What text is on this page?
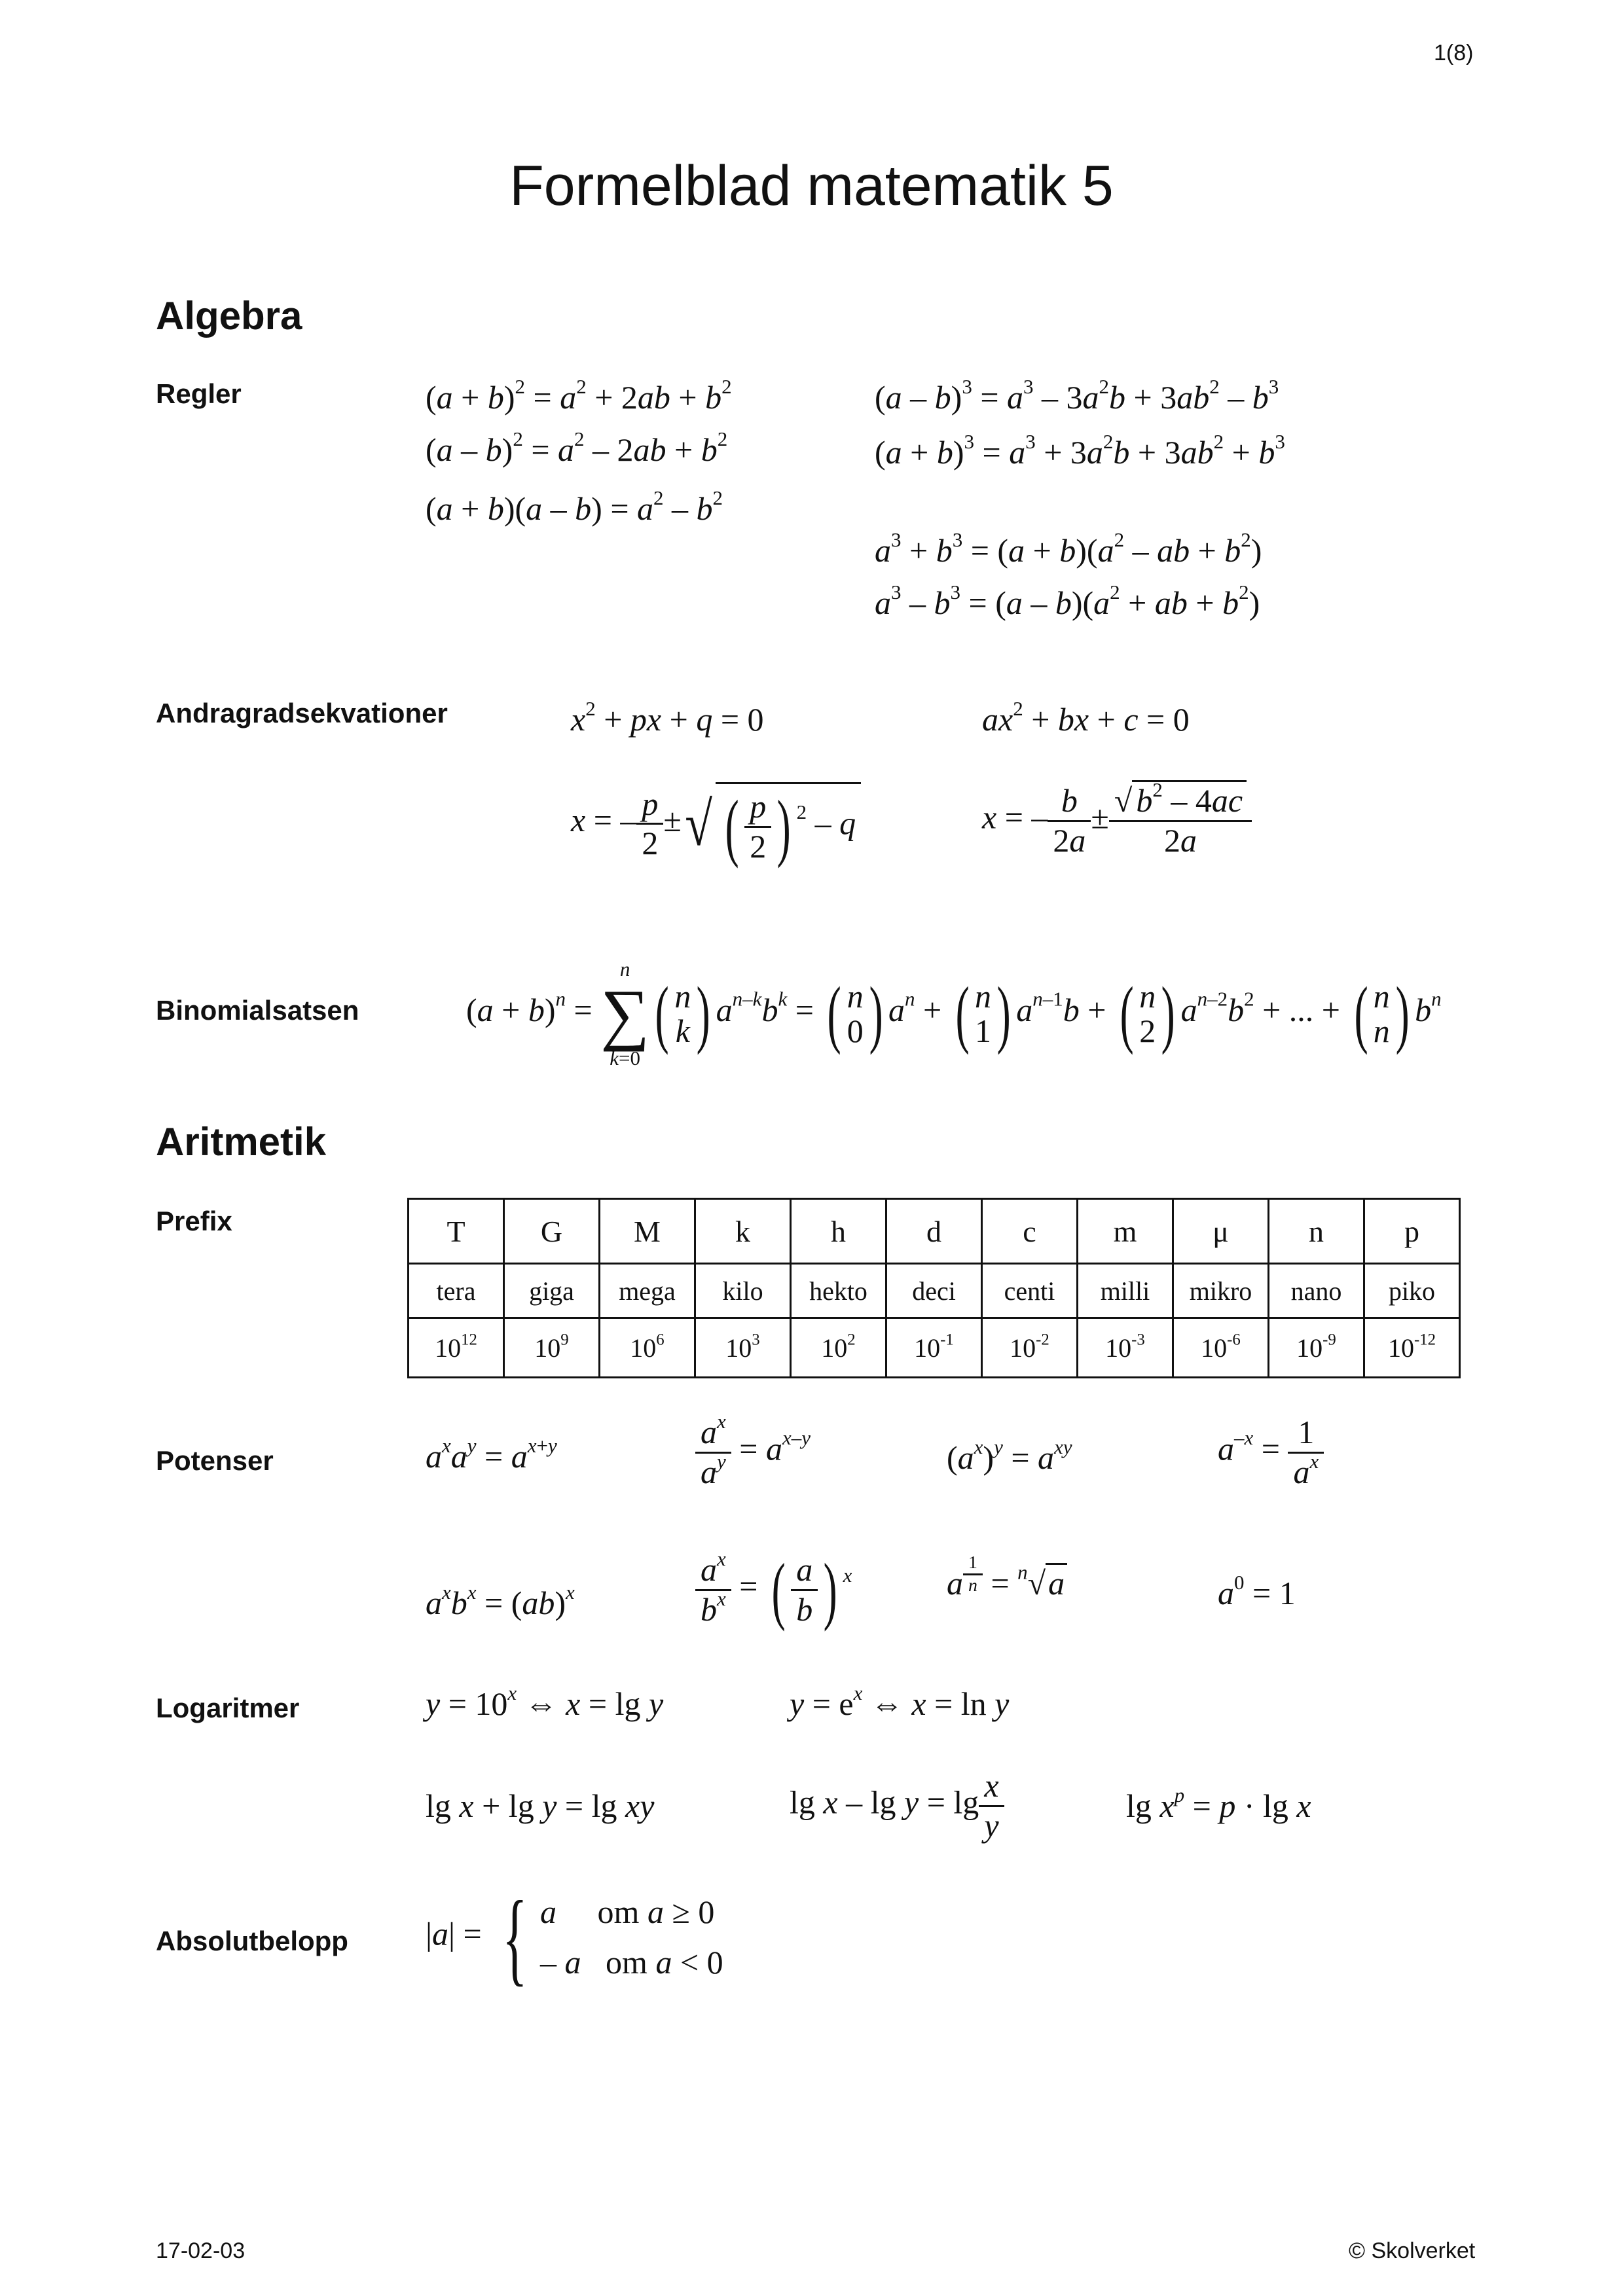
1(8)
Formelblad matematik 5
Algebra
Regler	$(a + b)^2 = a^2 + 2ab + b^2$
$(a - b)^2 = a^2 - 2ab + b^2$
$(a + b)(a - b) = a^2 - b^2$
$(a - b)^3 = a^3 - 3a^2b + 3ab^2 - b^3$
$(a + b)^3 = a^3 + 3a^2b + 3ab^2 + b^3$
$a^3 + b^3 = (a + b)(a^2$ – ab + $b^2$)
$a^3 - b^3 = (a - b)(a^2$ + ab + $b^2$)
Andragradsekvationer	$x^2$ + px + q = 0	$ax^2$ + bx + c = 0
x = – $\frac{p}{2}$ ±√ ( $\frac{p}{2}$ ) $^2$ – q	x = – $\frac{b}{2a} \pm \frac{√ b^2 - 4ac}{2a}$
Binomialsatsen	$(a + b)^n$ =
n
∑
k=0
( n
k ) $a^{n-k}b^k$ = ( n
0 ) $a^n$ + ( n
1 ) $a^{n-1}b$ + ( n
2 ) $a^{n-2}b^2$ + ... + ( n
n ) $b^n$
Aritmetik
Prefix	T	G	M	k	h	d	c	m	μ	n	p
tera	giga	mega	kilo	hekto	deci	centi	milli	mikro	nano	piko
$10^{12}$	$10^9$	$10^6$	$10^3$	$10^2$	$10^{-1}$	$10^{-2}$	$10^{-3}$	$10^{-6}$	$10^{-9}$	$10^{-12}$
Potenser	$a^xa^y = a^{x+y}$	$\frac{a^x}{a^y} = a^{x-y}$
$(a^x)^y = a^{xy}$	$a^{-x} = \frac{1}{a^x}$
$a^xb^x = (ab)^x$	$\frac{a^x}{b^x}$ = ( $\frac{a}{b}$ ) $^x$	a $^{\frac{1}{n}}$ = $^n$√a	$a^0 = 1$
Logaritmer	$y = 10^x$ ⇔ x = lg y	$y = e^x$ ⇔ x = ln y
lg x + lg y = lg xy	$\lg x - \lg y = \lg \frac{x}{y}$	$\lg x^p = p \cdot \lg x$
Absolutbelopp |a| = { a     om a ≥ 0
– a   om a < 0
17-02-03	© Skolverket
